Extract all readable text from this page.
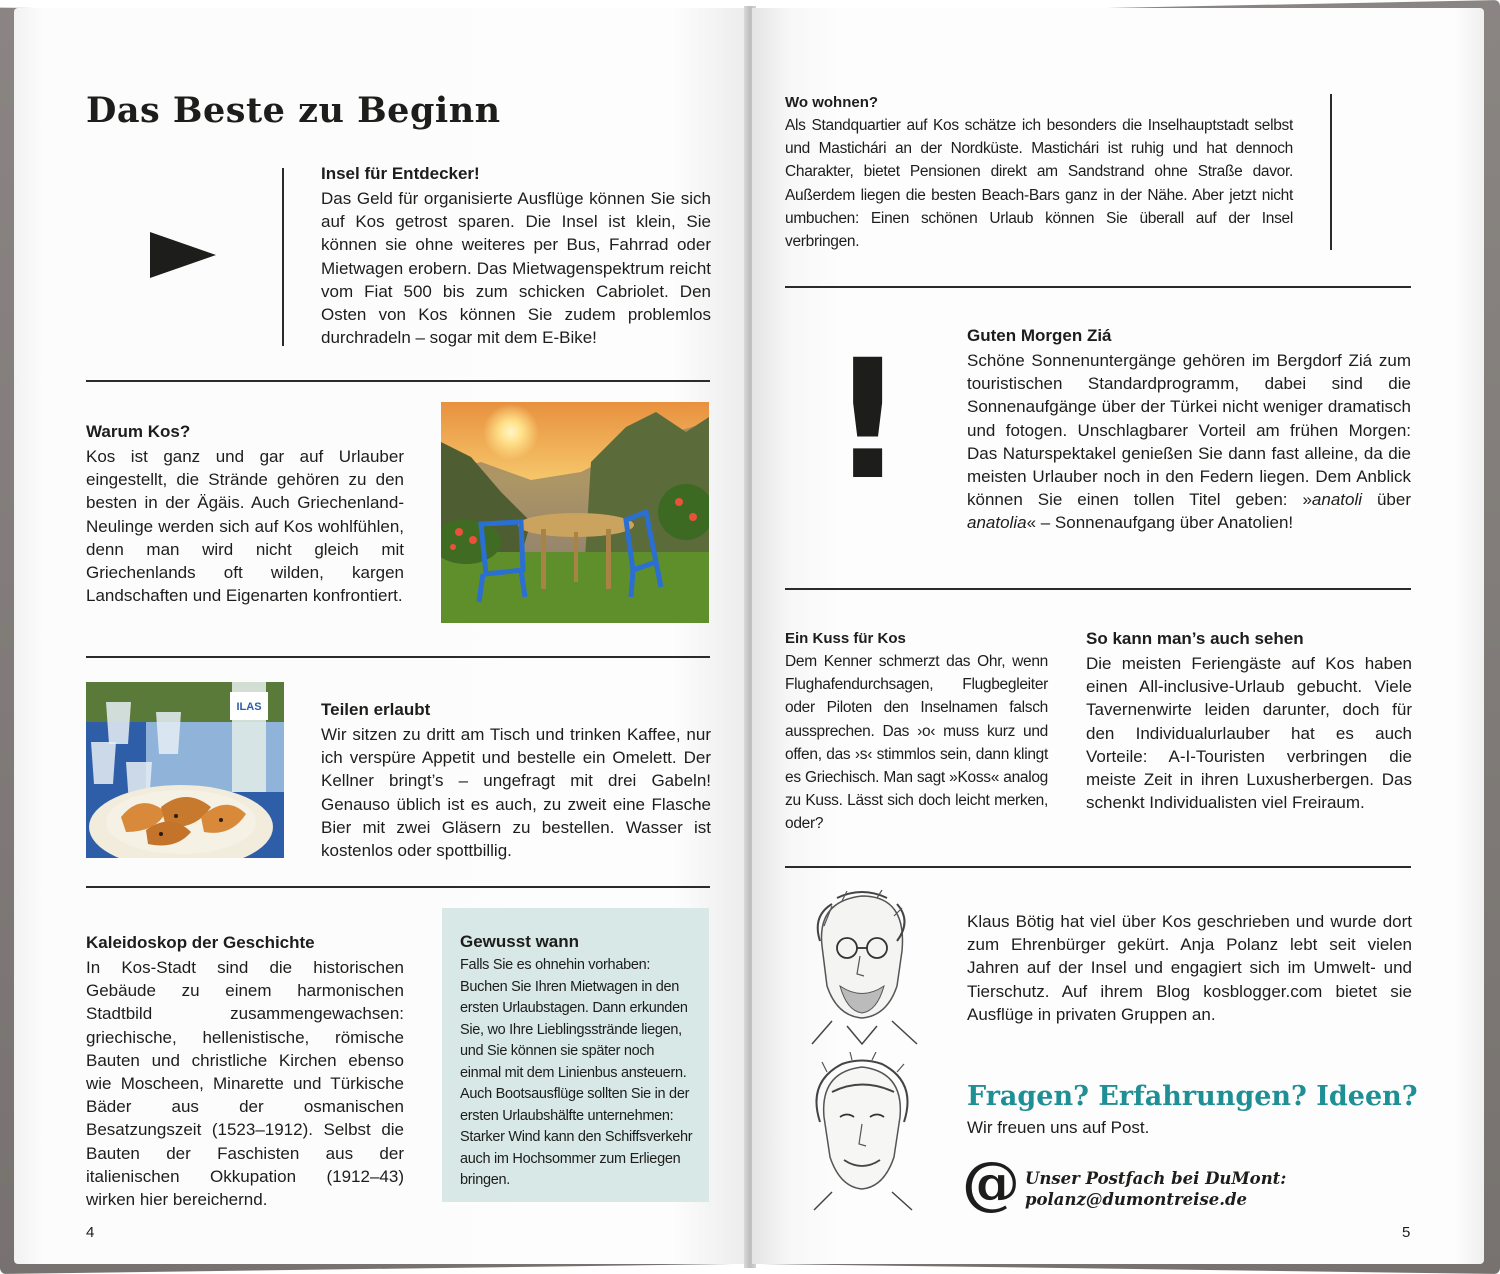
Das Beste zu Beginn

Insel für Entdecker!

Das Geld für organisierte Ausflüge können Sie sich auf Kos getrost sparen. Die Insel ist klein, Sie können sie ohne weiteres per Bus, Fahrrad oder Mietwagen erobern. Das Mietwagenspektrum reicht vom Fiat 500 bis zum schicken Cabriolet. Den Osten von Kos können Sie zudem problemlos durchradeln – sogar mit dem E-Bike!

Warum Kos?

Kos ist ganz und gar auf Urlauber eingestellt, die Strände gehören zu den besten in der Ägäis. Auch Griechenland-Neulinge werden sich auf Kos wohlfühlen, denn man wird nicht gleich mit Griechenlands oft wilden, kargen Landschaften und Eigenarten konfrontiert.

ILAS	Teilen erlaubt

Wir sitzen zu dritt am Tisch und trinken Kaffee, nur ich verspüre Appetit und bestelle ein Omelett. Der Kellner bringt’s – ungefragt mit drei Gabeln! Genauso üblich ist es auch, zu zweit eine Flasche Bier mit zwei Gläsern zu bestellen. Wasser ist kostenlos oder spottbillig.

Kaleidoskop der Geschichte

In Kos-Stadt sind die historischen Gebäude zu einem harmonischen Stadtbild zusammengewachsen: griechische, hellenistische, römische Bauten und christliche Kirchen ebenso wie Moscheen, Minarette und Türkische Bäder aus der osmanischen Besatzungszeit (1523–1912). Selbst die Bauten der Faschisten aus der italienischen Okkupation (1912–43) wirken hier bereichernd.

Gewusst wann

Falls Sie es ohnehin vorhaben: Buchen Sie Ihren Mietwagen in den ersten Urlaubstagen. Dann erkunden Sie, wo Ihre Lieblingsstrände liegen, und Sie können sie später noch einmal mit dem Linienbus ansteuern. Auch Bootsausflüge sollten Sie in der ersten Urlaubshälfte unternehmen: Starker Wind kann den Schiffsverkehr auch im Hochsommer zum Erliegen bringen.

4

Wo wohnen?

Als Standquartier auf Kos schätze ich besonders die Inselhauptstadt selbst und Mastichári an der Nordküste. Mastichári ist ruhig und hat dennoch Charakter, bietet Pensionen direkt am Sandstrand ohne Straße davor. Außerdem liegen die besten Beach-Bars ganz in der Nähe. Aber jetzt nicht umbuchen: Einen schönen Urlaub können Sie überall auf der Insel verbringen.

!	Guten Morgen Ziá

Schöne Sonnenuntergänge gehören im Bergdorf Ziá zum touristischen Standardprogramm, dabei sind die Sonnenaufgänge über der Türkei nicht weniger dramatisch und fotogen. Unschlagbarer Vorteil am frühen Morgen: Das Naturspektakel genießen Sie dann fast alleine, da die meisten Urlauber noch in den Federn liegen. Dem Anblick können Sie einen tollen Titel geben: »anatoli über anatolia« – Sonnenaufgang über Anatolien!

Ein Kuss für Kos

Dem Kenner schmerzt das Ohr, wenn Flughafendurchsagen, Flugbegleiter oder Piloten den Inselnamen falsch aussprechen. Das ›o‹ muss kurz und offen, das ›s‹ stimmlos sein, dann klingt es Griechisch. Man sagt »Koss« analog zu Kuss. Lässt sich doch leicht merken, oder?

So kann man’s auch sehen

Die meisten Feriengäste auf Kos haben einen All-inclusive-Urlaub gebucht. Viele Tavernenwirte leiden darunter, doch für den Individualurlauber hat es auch Vorteile: A-I-Touristen verbringen die meiste Zeit in ihren Luxusherbergen. Das schenkt Individualisten viel Freiraum.

Klaus Bötig hat viel über Kos geschrieben und wurde dort zum Ehrenbürger gekürt. Anja Polanz lebt seit vielen Jahren auf der Insel und engagiert sich im Umwelt- und Tierschutz. Auf ihrem Blog kosblogger.com bietet sie Ausflüge in privaten Gruppen an.

Fragen? Erfahrungen? Ideen?
Wir freuen uns auf Post.
@ Unser Postfach bei DuMont:
polanz@dumontreise.de
5
